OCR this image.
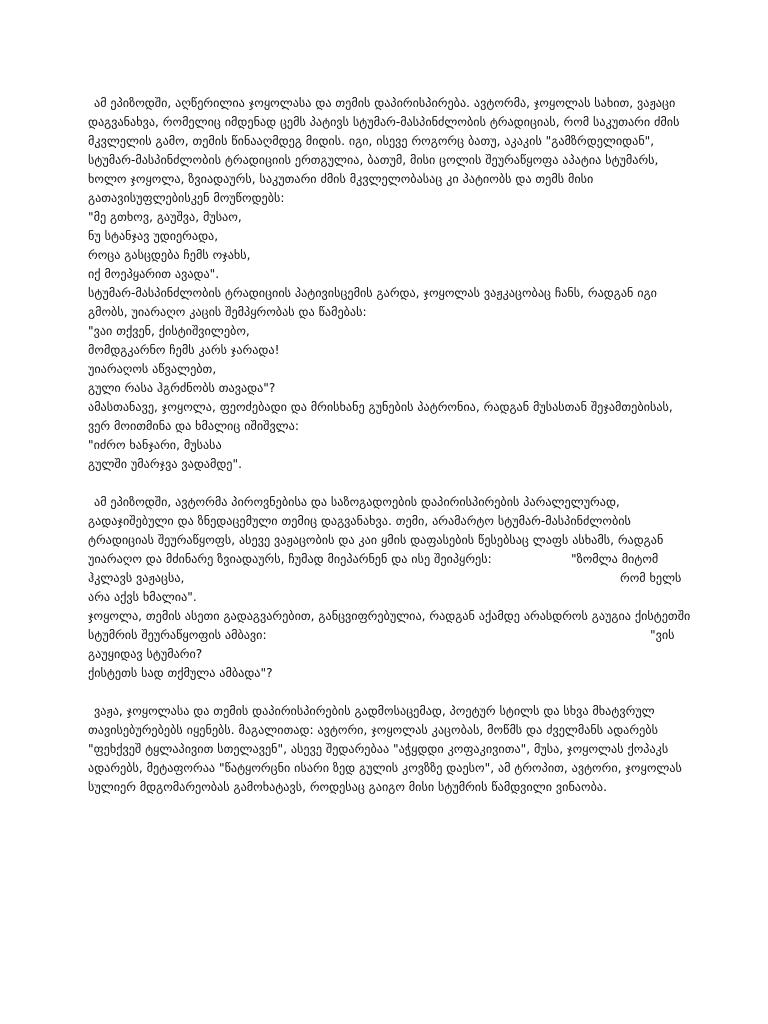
ამ ეპიზოდში, აღწერილია ჯოყოლასა და თემის დაპირისპირება. ავტორმა, ჯოყოლას სახით, ვაჟაცი
დაგვანახვა, რომელიც იმდენად ცემს პატივს სტუმარ-მასპინძლობის ტრადიციას, რომ საკუთარი ძმის
მკვლელის გამო, თემის წინააღმდეგ მიდის. იგი, ისევე როგორც ბათუ, აკაკის "გამზრდელიდან",
სტუმარ-მასპინძლობის ტრადიციის ერთგულია, ბათუმ, მისი ცოლის შეურაწყოფა აპატია სტუმარს,
ხოლო ჯოყოლა, ზვიადაურს, საკუთარი ძმის მკვლელობასაც კი პატიობს და თემს მისი
გათავისუფლებისკენ მოუწოდებს:
"მე გთხოვ, გაუშვა, მუსაო,
ნუ სტანჯავ უდიერადა,
როცა გასცდება ჩემს ოჯახს,
იქ მოეპყარით ავადა".
სტუმარ-მასპინძლობის ტრადიციის პატივისცემის გარდა, ჯოყოლას ვაჟკაცობაც ჩანს, რადგან იგი
გმობს, უიარაღო კაცის შემპყრობას და წამებას:
"ვაი თქვენ, ქისტიშვილებო,
მომდგკარნო ჩემს კარს ჯარადა!
უიარაღოს აწვალებთ,
გული რასა ჰგრძნობს თავადა"?
ამასთანავე, ჯოყოლა, ფეოძებადი და მრისხანე გუნების პატრონია, რადგან მუსასთან შეჯამთებისას,
ვერ მოითმინა და ხმალიც იშიშვლა:
"იძრო ხანჯარი, მუსასა
გულში უმარჯვა ვადამდე".
ამ ეპიზოდში, ავტორმა პიროვნებისა და საზოგადოების დაპირისპირების პარალელურად,
გადაჯიშებული და ზნედაცემული თემიც დაგვანახვა. თემი, არამარტო სტუმარ-მასპინძლობის
ტრადიციას შეურაწყოფს, ასევე ვაჟაცობის და კაი ყმის დაფასების წესებსაც ლაფს ასხამს, რადგან
უიარაღო და მძინარე ზვიადაურს, ჩუმად მიეპარნენ და ისე შეიპყრეს:	"ზომლა მიტომ
ჰკლავს ვაჟაცსა,	რომ ხელს
არა აქვს ხმალია".
ჯოყოლა, თემის ასეთი გადაგვარებით, განცვიფრებულია, რადგან აქამდე არასდროს გაუგია ქისტეთში
სტუმრის შეურაწყოფის ამბავი:	"ვის
გაუყიდავ სტუმარი?
ქისტეთს სად თქმულა ამბადა"?
ვაჟა, ჯოყოლასა და თემის დაპირისპირების გადმოსაცემად, პოეტურ სტილს და სხვა მხატვრულ
თავისებურებებს იყენებს. მაგალითად: ავტორი, ჯოყოლას კაცობას, მოწმს და ძველმანს ადარებს
"ფეხქვეშ ტყლაპივით სთელავენ", ასევე შედარებაა "აჭყდდი კოფაკივითა", მუსა, ჯოყოლას ქოპაკს
ადარებს, მეტაფორაა "წატყორცნი ისარი ზედ გულის კოვზზე დაესო", ამ ტროპით, ავტორი, ჯოყოლას
სულიერ მდგომარეობას გამოხატავს, როდესაც გაიგო მისი სტუმრის წამდვილი ვინაობა.
